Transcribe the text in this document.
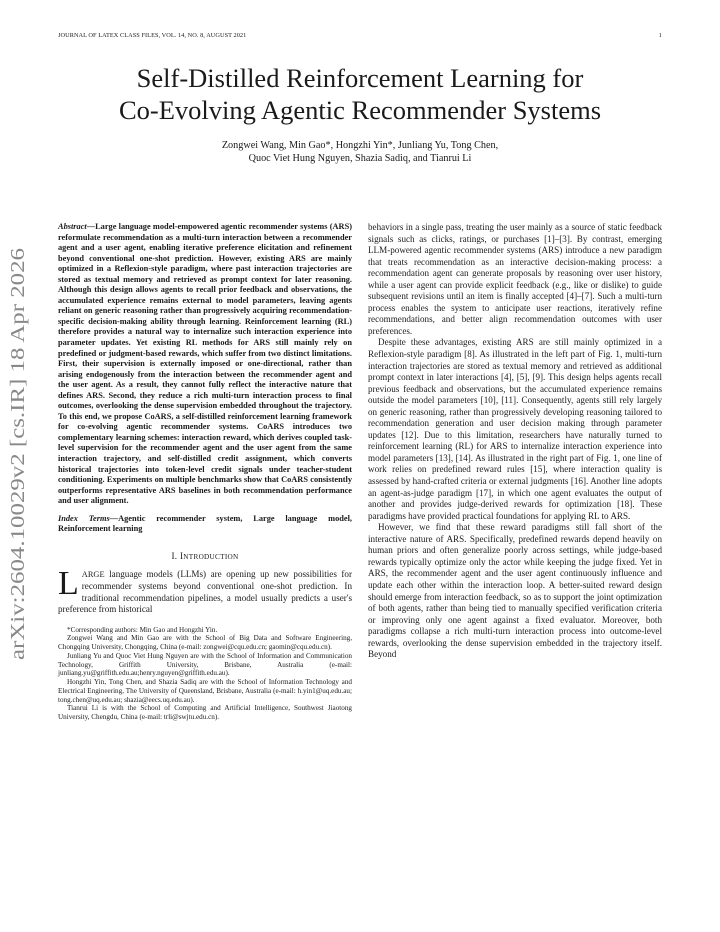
JOURNAL OF LATEX CLASS FILES, VOL. 14, NO. 8, AUGUST 2021	1
arXiv:2604.10029v2 [cs.IR] 18 Apr 2026
Self-Distilled Reinforcement Learning for
Co-Evolving Agentic Recommender Systems
Zongwei Wang, Min Gao*, Hongzhi Yin*, Junliang Yu, Tong Chen,
Quoc Viet Hung Nguyen, Shazia Sadiq, and Tianrui Li

Abstract—Large language model-empowered agentic recommender systems (ARS) reformulate recommendation as a multi-turn interaction between a recommender agent and a user agent, enabling iterative preference elicitation and refinement beyond conventional one-shot prediction. However, existing ARS are mainly optimized in a Reflexion-style paradigm, where past interaction trajectories are stored as textual memory and retrieved as prompt context for later reasoning. Although this design allows agents to recall prior feedback and observations, the accumulated experience remains external to model parameters, leaving agents reliant on generic reasoning rather than progressively acquiring recommendation-specific decision-making ability through learning. Reinforcement learning (RL) therefore provides a natural way to internalize such interaction experience into parameter updates. Yet existing RL methods for ARS still mainly rely on predefined or judgment-based rewards, which suffer from two distinct limitations. First, their supervision is externally imposed or one-directional, rather than arising endogenously from the interaction between the recommender agent and the user agent. As a result, they cannot fully reflect the interactive nature that defines ARS. Second, they reduce a rich multi-turn interaction process to final outcomes, overlooking the dense supervision embedded throughout the trajectory. To this end, we propose CoARS, a self-distilled reinforcement learning framework for co-evolving agentic recommender systems. CoARS introduces two complementary learning schemes: interaction reward, which derives coupled task-level supervision for the recommender agent and the user agent from the same interaction trajectory, and self-distilled credit assignment, which converts historical trajectories into token-level credit signals under teacher-student conditioning. Experiments on multiple benchmarks show that CoARS consistently outperforms representative ARS baselines in both recommendation performance and user alignment.

Index Terms—Agentic recommender system, Large language model, Reinforcement learning

I. INTRODUCTION

LARGE language models (LLMs) are opening up new possibilities for recommender systems beyond conventional one-shot prediction. In traditional recommendation pipelines, a model usually predicts a user's preference from historical

*Corresponding authors: Min Gao and Hongzhi Yin.

Zongwei Wang and Min Gao are with the School of Big Data and Software Engineering, Chongqing University, Chongqing, China (e-mail: zongwei@cqu.edu.cn; gaomin@cqu.edu.cn).

Junliang Yu and Quoc Viet Hung Nguyen are with the School of Information and Communication Technology, Griffith University, Brisbane, Australia (e-mail: junliang.yu@griffith.edu.au;henry.nguyen@griffith.edu.au).

Hongzhi Yin, Tong Chen, and Shazia Sadiq are with the School of Information Technology and Electrical Engineering, The University of Queensland, Brisbane, Australia (e-mail: h.yin1@uq.edu.au; tong.chen@uq.edu.au; shazia@eecs.uq.edu.au).

Tianrui Li is with the School of Computing and Artificial Intelligence, Southwest Jiaotong University, Chengdu, China (e-mail: trli@swjtu.edu.cn).

behaviors in a single pass, treating the user mainly as a source of static feedback signals such as clicks, ratings, or purchases [1]–[3]. By contrast, emerging LLM-powered agentic recommender systems (ARS) introduce a new paradigm that treats recommendation as an interactive decision-making process: a recommendation agent can generate proposals by reasoning over user history, while a user agent can provide explicit feedback (e.g., like or dislike) to guide subsequent revisions until an item is finally accepted [4]–[7]. Such a multi-turn process enables the system to anticipate user reactions, iteratively refine recommendations, and better align recommendation outcomes with user preferences.

Despite these advantages, existing ARS are still mainly optimized in a Reflexion-style paradigm [8]. As illustrated in the left part of Fig. 1, multi-turn interaction trajectories are stored as textual memory and retrieved as additional prompt context in later interactions [4], [5], [9]. This design helps agents recall previous feedback and observations, but the accumulated experience remains outside the model parameters [10], [11]. Consequently, agents still rely largely on generic reasoning, rather than progressively developing reasoning tailored to recommendation generation and user decision making through parameter updates [12]. Due to this limitation, researchers have naturally turned to reinforcement learning (RL) for ARS to internalize interaction experience into model parameters [13], [14]. As illustrated in the right part of Fig. 1, one line of work relies on predefined reward rules [15], where interaction quality is assessed by hand-crafted criteria or external judgments [16]. Another line adopts an agent-as-judge paradigm [17], in which one agent evaluates the output of another and provides judge-derived rewards for optimization [18]. These paradigms have provided practical foundations for applying RL to ARS.

However, we find that these reward paradigms still fall short of the interactive nature of ARS. Specifically, predefined rewards depend heavily on human priors and often generalize poorly across settings, while judge-based rewards typically optimize only the actor while keeping the judge fixed. Yet in ARS, the recommender agent and the user agent continuously influence and update each other within the interaction loop. A better-suited reward design should emerge from interaction feedback, so as to support the joint optimization of both agents, rather than being tied to manually specified verification criteria or improving only one agent against a fixed evaluator. Moreover, both paradigms collapse a rich multi-turn interaction process into outcome-level rewards, overlooking the dense supervision embedded in the trajectory itself. Beyond
